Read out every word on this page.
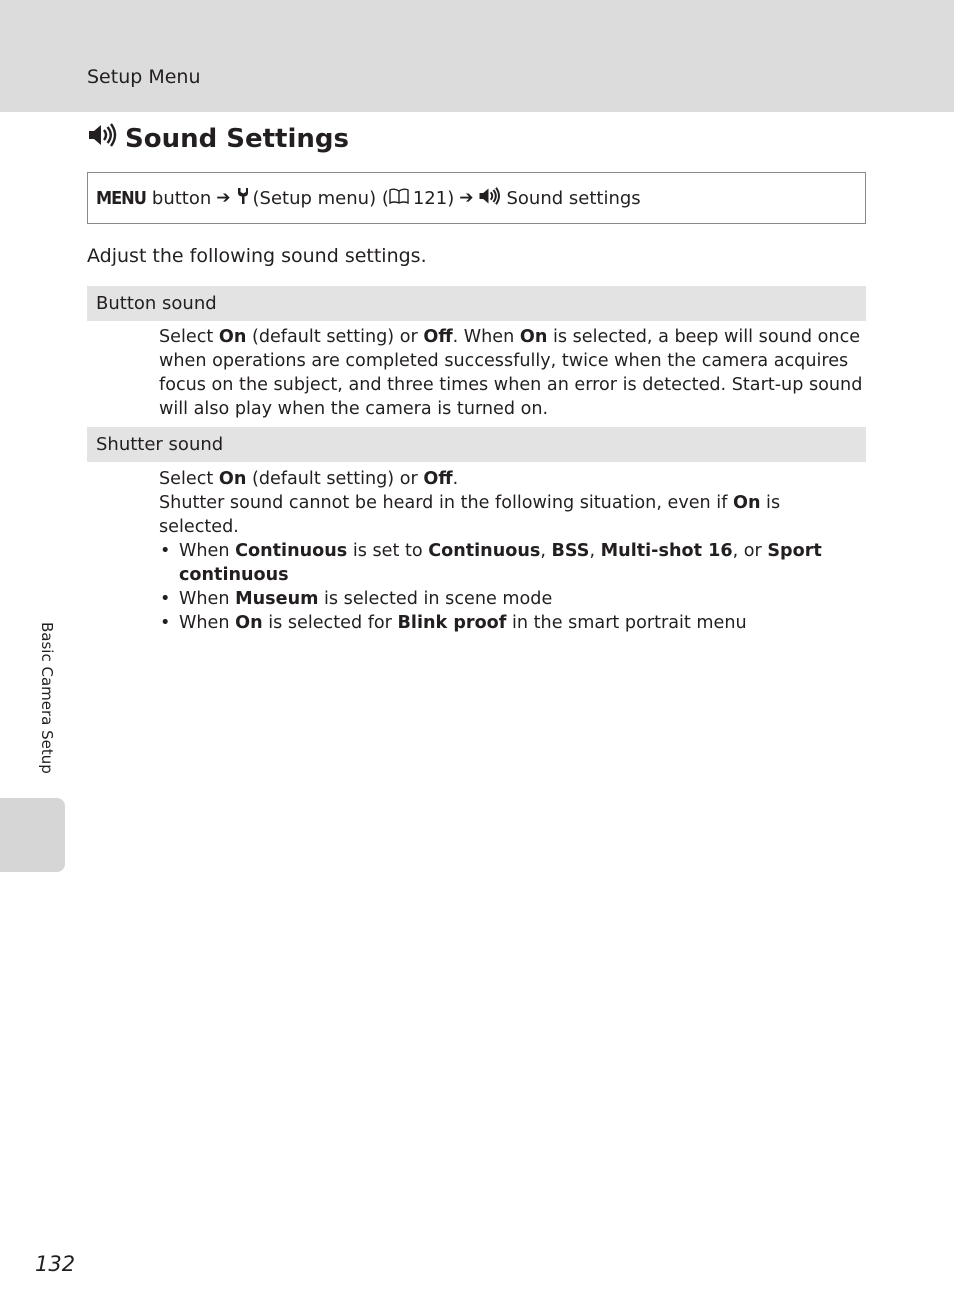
Setup Menu
Sound Settings
MENU button ➔ (Setup menu) ( 121) ➔ Sound settings
Adjust the following sound settings.
Button sound

Select On (default setting) or Off. When On is selected, a beep will sound once when operations are completed successfully, twice when the camera acquires focus on the subject, and three times when an error is detected. Start-up sound will also play when the camera is turned on.

Shutter sound

Select On (default setting) or Off.

Shutter sound cannot be heard in the following situation, even if On is selected.

• When Continuous is set to Continuous, BSS, Multi-shot 16, or Sport continuous
• When Museum is selected in scene mode
• When On is selected for Blink proof in the smart portrait menu
Basic Camera Setup
132
